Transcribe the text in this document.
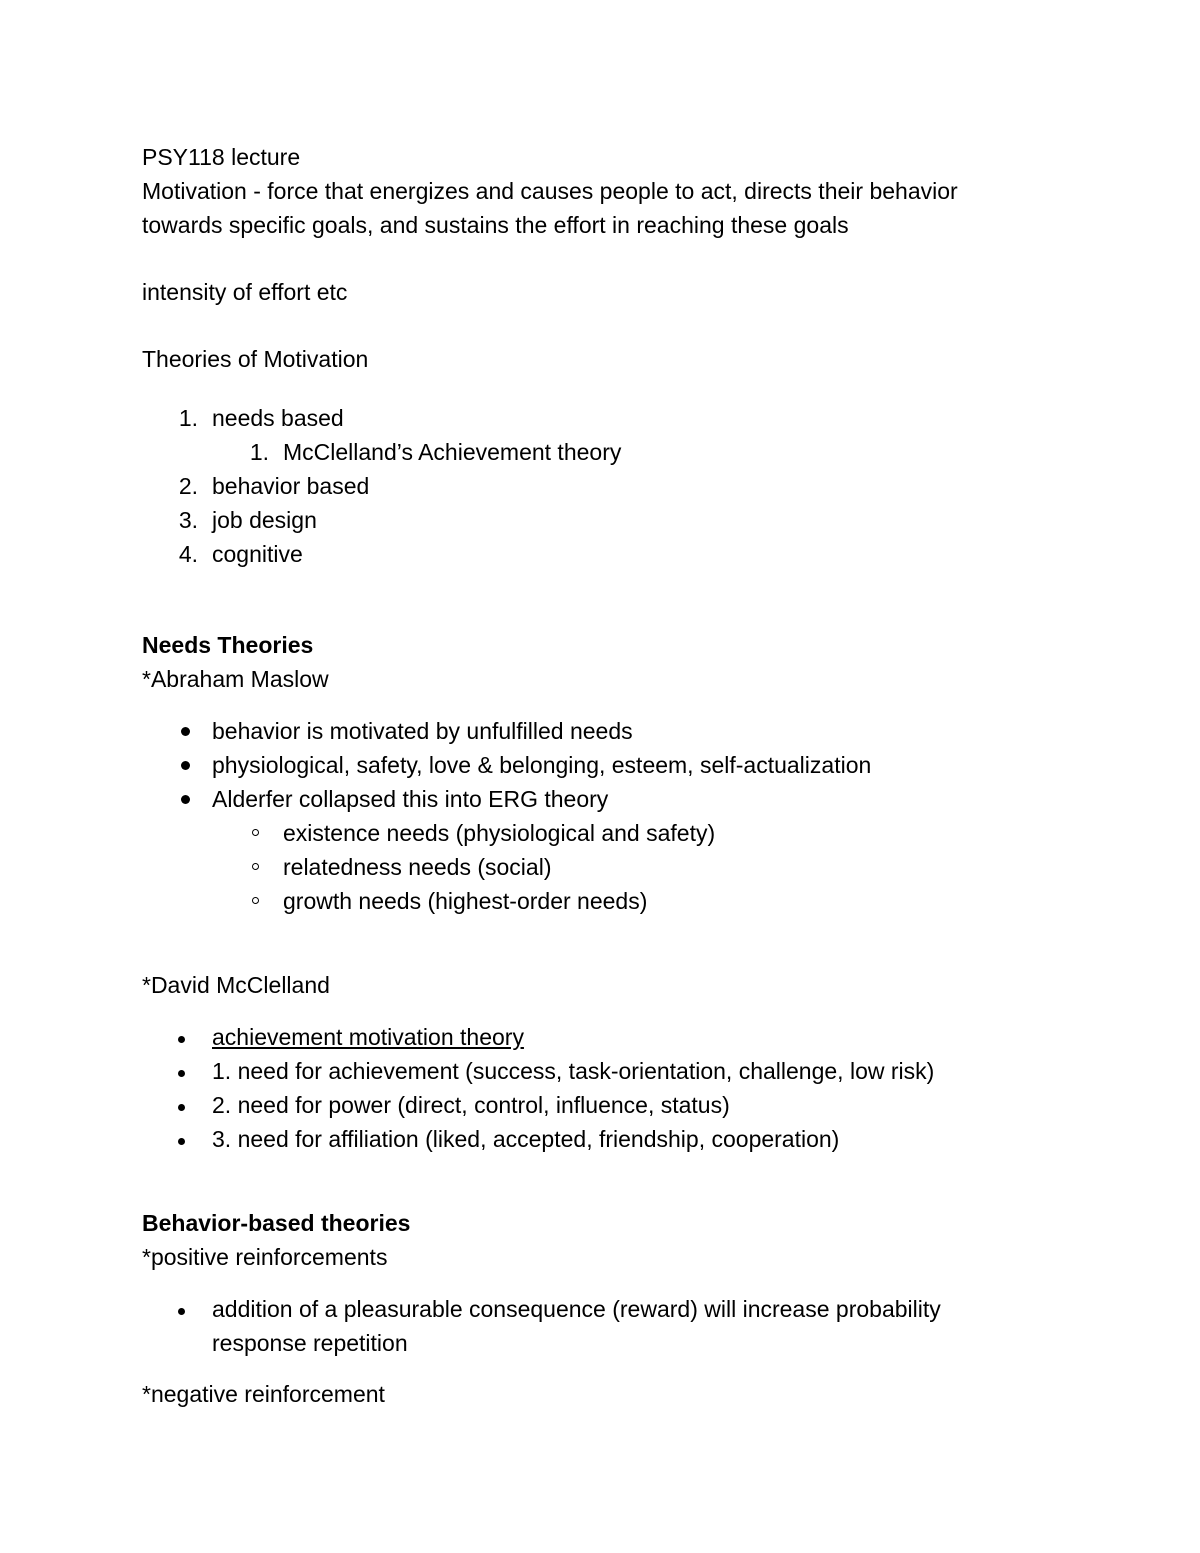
PSY118 lecture
Motivation - force that energizes and causes people to act, directs their behavior
towards specific goals, and sustains the effort in reaching these goals
intensity of effort etc
Theories of Motivation
1. needs based
1. McClelland’s Achievement theory
2. behavior based
3. job design
4. cognitive
Needs Theories
*Abraham Maslow
behavior is motivated by unfulfilled needs
physiological, safety, love & belonging, esteem, self-actualization
Alderfer collapsed this into ERG theory
existence needs (physiological and safety)
relatedness needs (social)
growth needs (highest-order needs)
*David McClelland
achievement motivation theory
1. need for achievement (success, task-orientation, challenge, low risk)
2. need for power (direct, control, influence, status)
3. need for affiliation (liked, accepted, friendship, cooperation)
Behavior-based theories
*positive reinforcements
addition of a pleasurable consequence (reward) will increase probability
response repetition
*negative reinforcement
